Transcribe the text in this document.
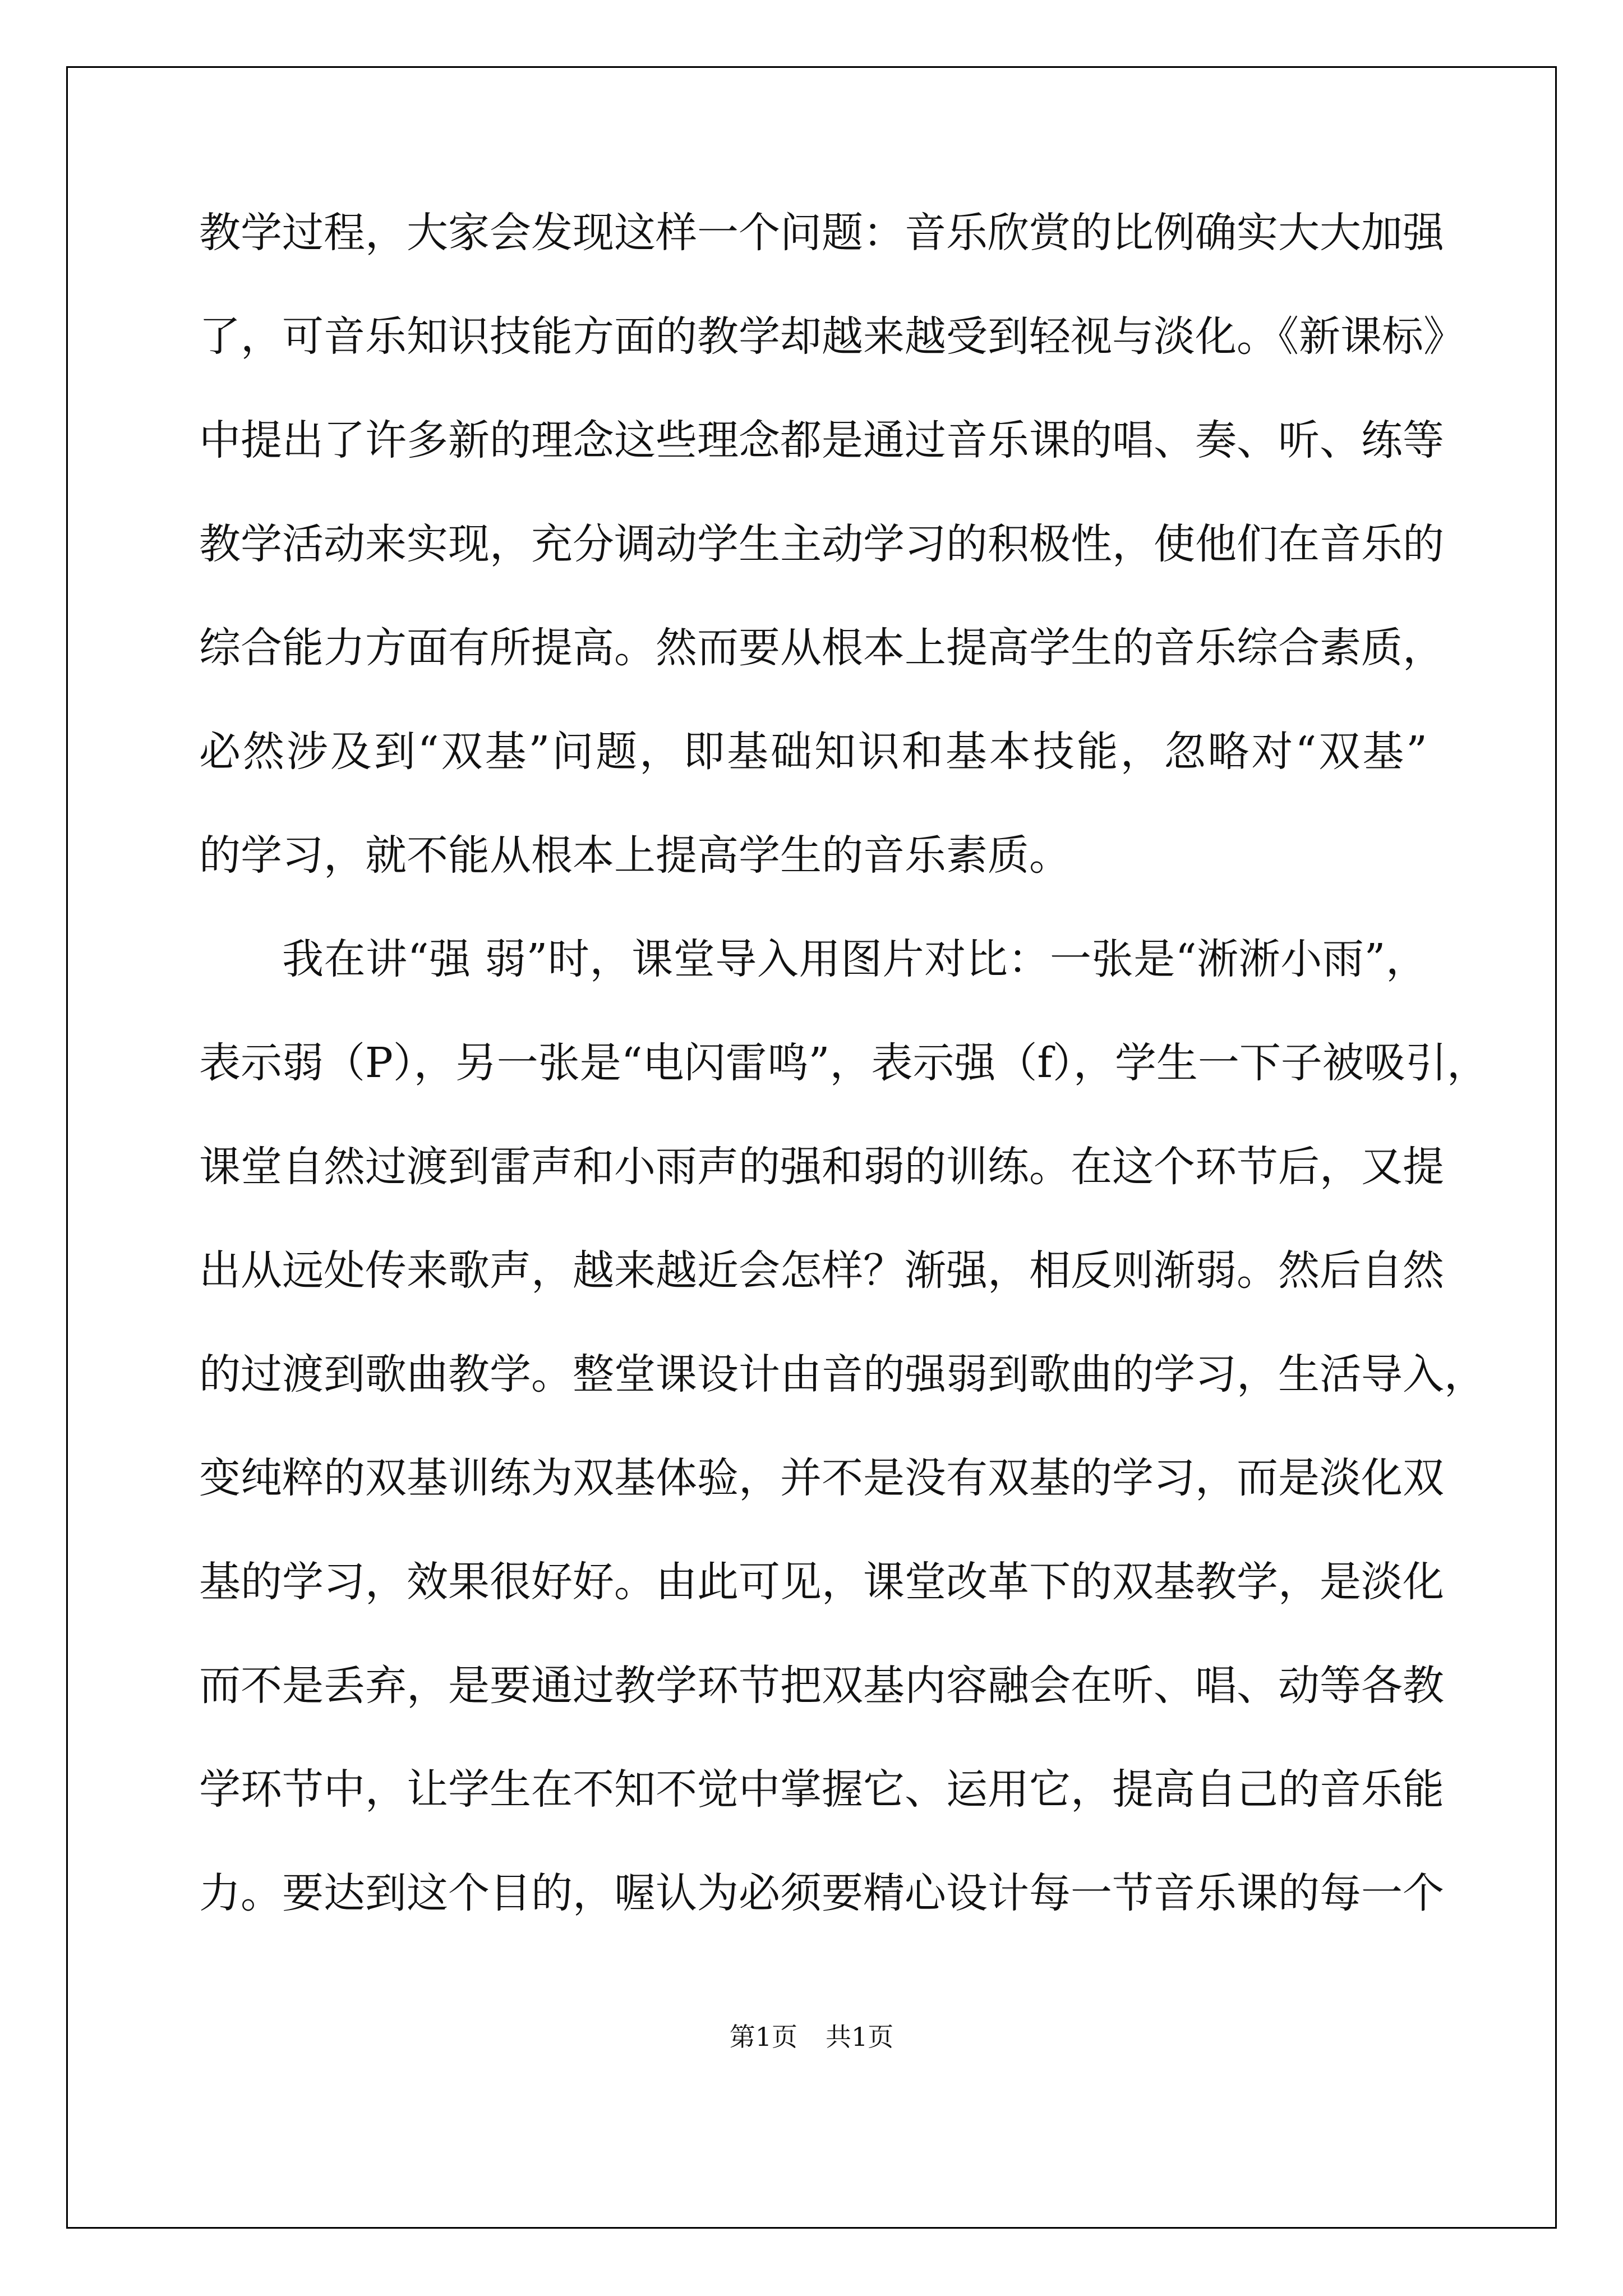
教学过程，大家会发现这样一个问题：音乐欣赏的比例确实大大加强
了，可音乐知识技能方面的教学却越来越受到轻视与淡化。《新课标》
中提出了许多新的理念这些理念都是通过音乐课的唱、奏、听、练等
教学活动来实现，充分调动学生主动学习的积极性，使他们在音乐的
综合能力方面有所提高。然而要从根本上提高学生的音乐综合素质，
必然涉及到“双基”问题，即基础知识和基本技能，忽略对“双基”
的学习，就不能从根本上提高学生的音乐素质。
我在讲“强 弱”时，课堂导入用图片对比：一张是“淅淅小雨”，
表示弱（P），另一张是“电闪雷鸣”，表示强（f），学生一下子被吸引，
课堂自然过渡到雷声和小雨声的强和弱的训练。在这个环节后，又提
出从远处传来歌声，越来越近会怎样？渐强，相反则渐弱。然后自然
的过渡到歌曲教学。整堂课设计由音的强弱到歌曲的学习，生活导入，
变纯粹的双基训练为双基体验，并不是没有双基的学习，而是淡化双
基的学习，效果很好好。由此可见，课堂改革下的双基教学，是淡化
而不是丢弃，是要通过教学环节把双基内容融会在听、唱、动等各教
学环节中，让学生在不知不觉中掌握它、运用它，提高自己的音乐能
力。要达到这个目的，喔认为必须要精心设计每一节音乐课的每一个
第1页 共1页
